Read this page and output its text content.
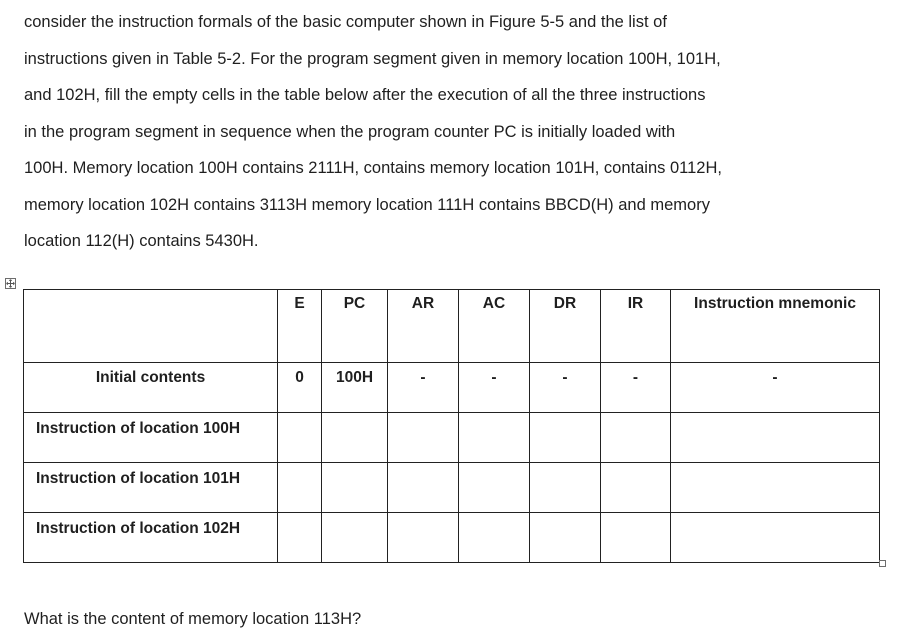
consider the instruction formals of the basic computer shown in Figure 5-5 and the list of
instructions given in Table 5-2. For the program segment given in memory location 100H, 101H,
and 102H, fill the empty cells in the table below after the execution of all the three instructions
in the program segment in sequence when the program counter PC is initially loaded with
100H. Memory location 100H contains 2111H, contains memory location 101H, contains 0112H,
memory location 102H contains 3113H memory location 111H contains BBCD(H) and memory
location 112(H) contains 5430H.
	E	PC	AR	AC	DR	IR	Instruction mnemonic
Initial contents	0	100H	-	-	-	-	-
Instruction of location 100H							
Instruction of location 101H							
Instruction of location 102H							
What is the content of memory location 113H?
